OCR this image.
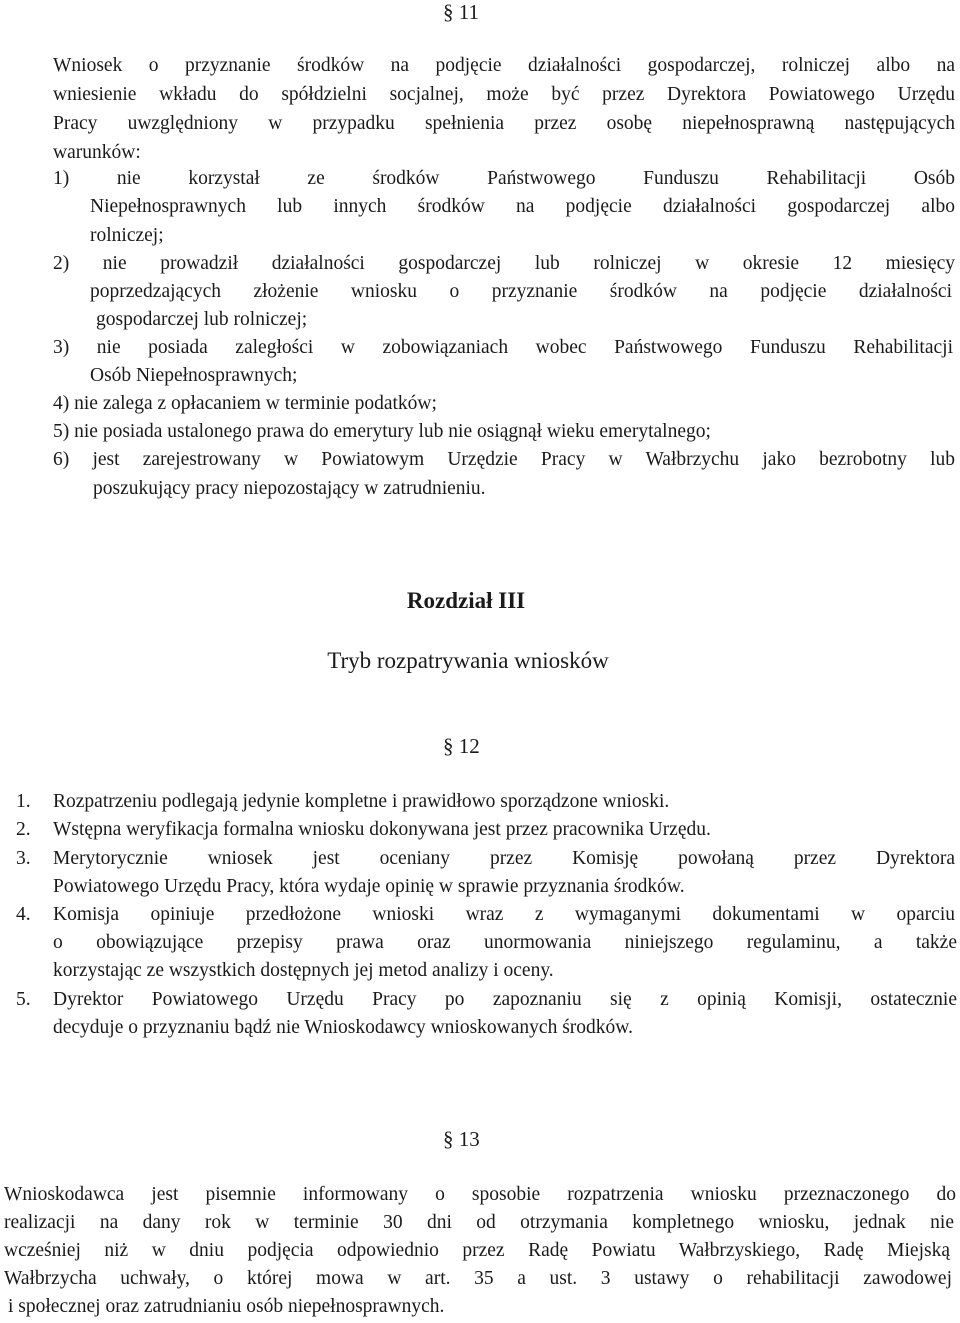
§ 11
Wniosek o przyznanie środków na podjęcie działalności gospodarczej, rolniczej albo na
wniesienie wkładu do spółdzielni socjalnej, może być przez Dyrektora Powiatowego Urzędu
Pracy uwzględniony w przypadku spełnienia przez osobę niepełnosprawną następujących
warunków:
1) nie korzystał ze środków Państwowego Funduszu Rehabilitacji Osób
Niepełnosprawnych lub innych środków na podjęcie działalności gospodarczej albo
rolniczej;
2) nie prowadził działalności gospodarczej lub rolniczej w okresie 12 miesięcy
poprzedzających złożenie wniosku o przyznanie środków na podjęcie działalności
gospodarczej lub rolniczej;
3) nie posiada zaległości w zobowiązaniach wobec Państwowego Funduszu Rehabilitacji
Osób Niepełnosprawnych;
4) nie zalega z opłacaniem w terminie podatków;
5) nie posiada ustalonego prawa do emerytury lub nie osiągnął wieku emerytalnego;
6) jest zarejestrowany w Powiatowym Urzędzie Pracy w Wałbrzychu jako bezrobotny lub
poszukujący pracy niepozostający w zatrudnieniu.
Rozdział III
Tryb rozpatrywania wniosków
§ 12
1. Rozpatrzeniu podlegają jedynie kompletne i prawidłowo sporządzone wnioski.
2. Wstępna weryfikacja formalna wniosku dokonywana jest przez pracownika Urzędu.
3. Merytorycznie wniosek jest oceniany przez Komisję powołaną przez Dyrektora
Powiatowego Urzędu Pracy, która wydaje opinię w sprawie przyznania środków.
4. Komisja opiniuje przedłożone wnioski wraz z wymaganymi dokumentami w oparciu
o obowiązujące przepisy prawa oraz unormowania niniejszego regulaminu, a także
korzystając ze wszystkich dostępnych jej metod analizy i oceny.
5. Dyrektor Powiatowego Urzędu Pracy po zapoznaniu się z opinią Komisji, ostatecznie
decyduje o przyznaniu bądź nie Wnioskodawcy wnioskowanych środków.
§ 13
Wnioskodawca jest pisemnie informowany o sposobie rozpatrzenia wniosku przeznaczonego do
realizacji na dany rok w terminie 30 dni od otrzymania kompletnego wniosku, jednak nie
wcześniej niż w dniu podjęcia odpowiednio przez Radę Powiatu Wałbrzyskiego, Radę Miejską
Wałbrzycha uchwały, o której mowa w art. 35 a ust. 3 ustawy o rehabilitacji zawodowej
i społecznej oraz zatrudnianiu osób niepełnosprawnych.
